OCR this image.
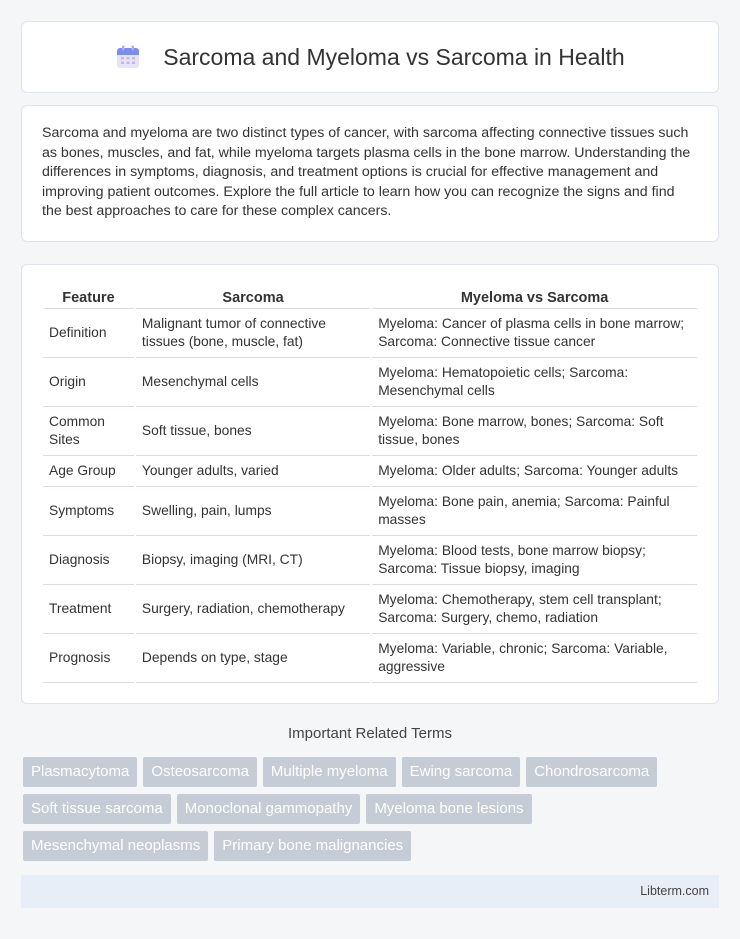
Sarcoma and Myeloma vs Sarcoma in Health

Sarcoma and myeloma are two distinct types of cancer, with sarcoma affecting connective tissues such as bones, muscles, and fat, while myeloma targets plasma cells in the bone marrow. Understanding the differences in symptoms, diagnosis, and treatment options is crucial for effective management and improving patient outcomes. Explore the full article to learn how you can recognize the signs and find the best approaches to care for these complex cancers.

Feature	Sarcoma	Myeloma vs Sarcoma
Definition	Malignant tumor of connective tissues (bone, muscle, fat)	Myeloma: Cancer of plasma cells in bone marrow; Sarcoma: Connective tissue cancer
Origin	Mesenchymal cells	Myeloma: Hematopoietic cells; Sarcoma: Mesenchymal cells
Common Sites	Soft tissue, bones	Myeloma: Bone marrow, bones; Sarcoma: Soft tissue, bones
Age Group	Younger adults, varied	Myeloma: Older adults; Sarcoma: Younger adults
Symptoms	Swelling, pain, lumps	Myeloma: Bone pain, anemia; Sarcoma: Painful masses
Diagnosis	Biopsy, imaging (MRI, CT)	Myeloma: Blood tests, bone marrow biopsy; Sarcoma: Tissue biopsy, imaging
Treatment	Surgery, radiation, chemotherapy	Myeloma: Chemotherapy, stem cell transplant; Sarcoma: Surgery, chemo, radiation
Prognosis	Depends on type, stage	Myeloma: Variable, chronic; Sarcoma: Variable, aggressive
Important Related Terms
Plasmacytoma	Osteosarcoma	Multiple myeloma	Ewing sarcoma	Chondrosarcoma
Soft tissue sarcoma	Monoclonal gammopathy	Myeloma bone lesions
Mesenchymal neoplasms	Primary bone malignancies
Libterm.com
